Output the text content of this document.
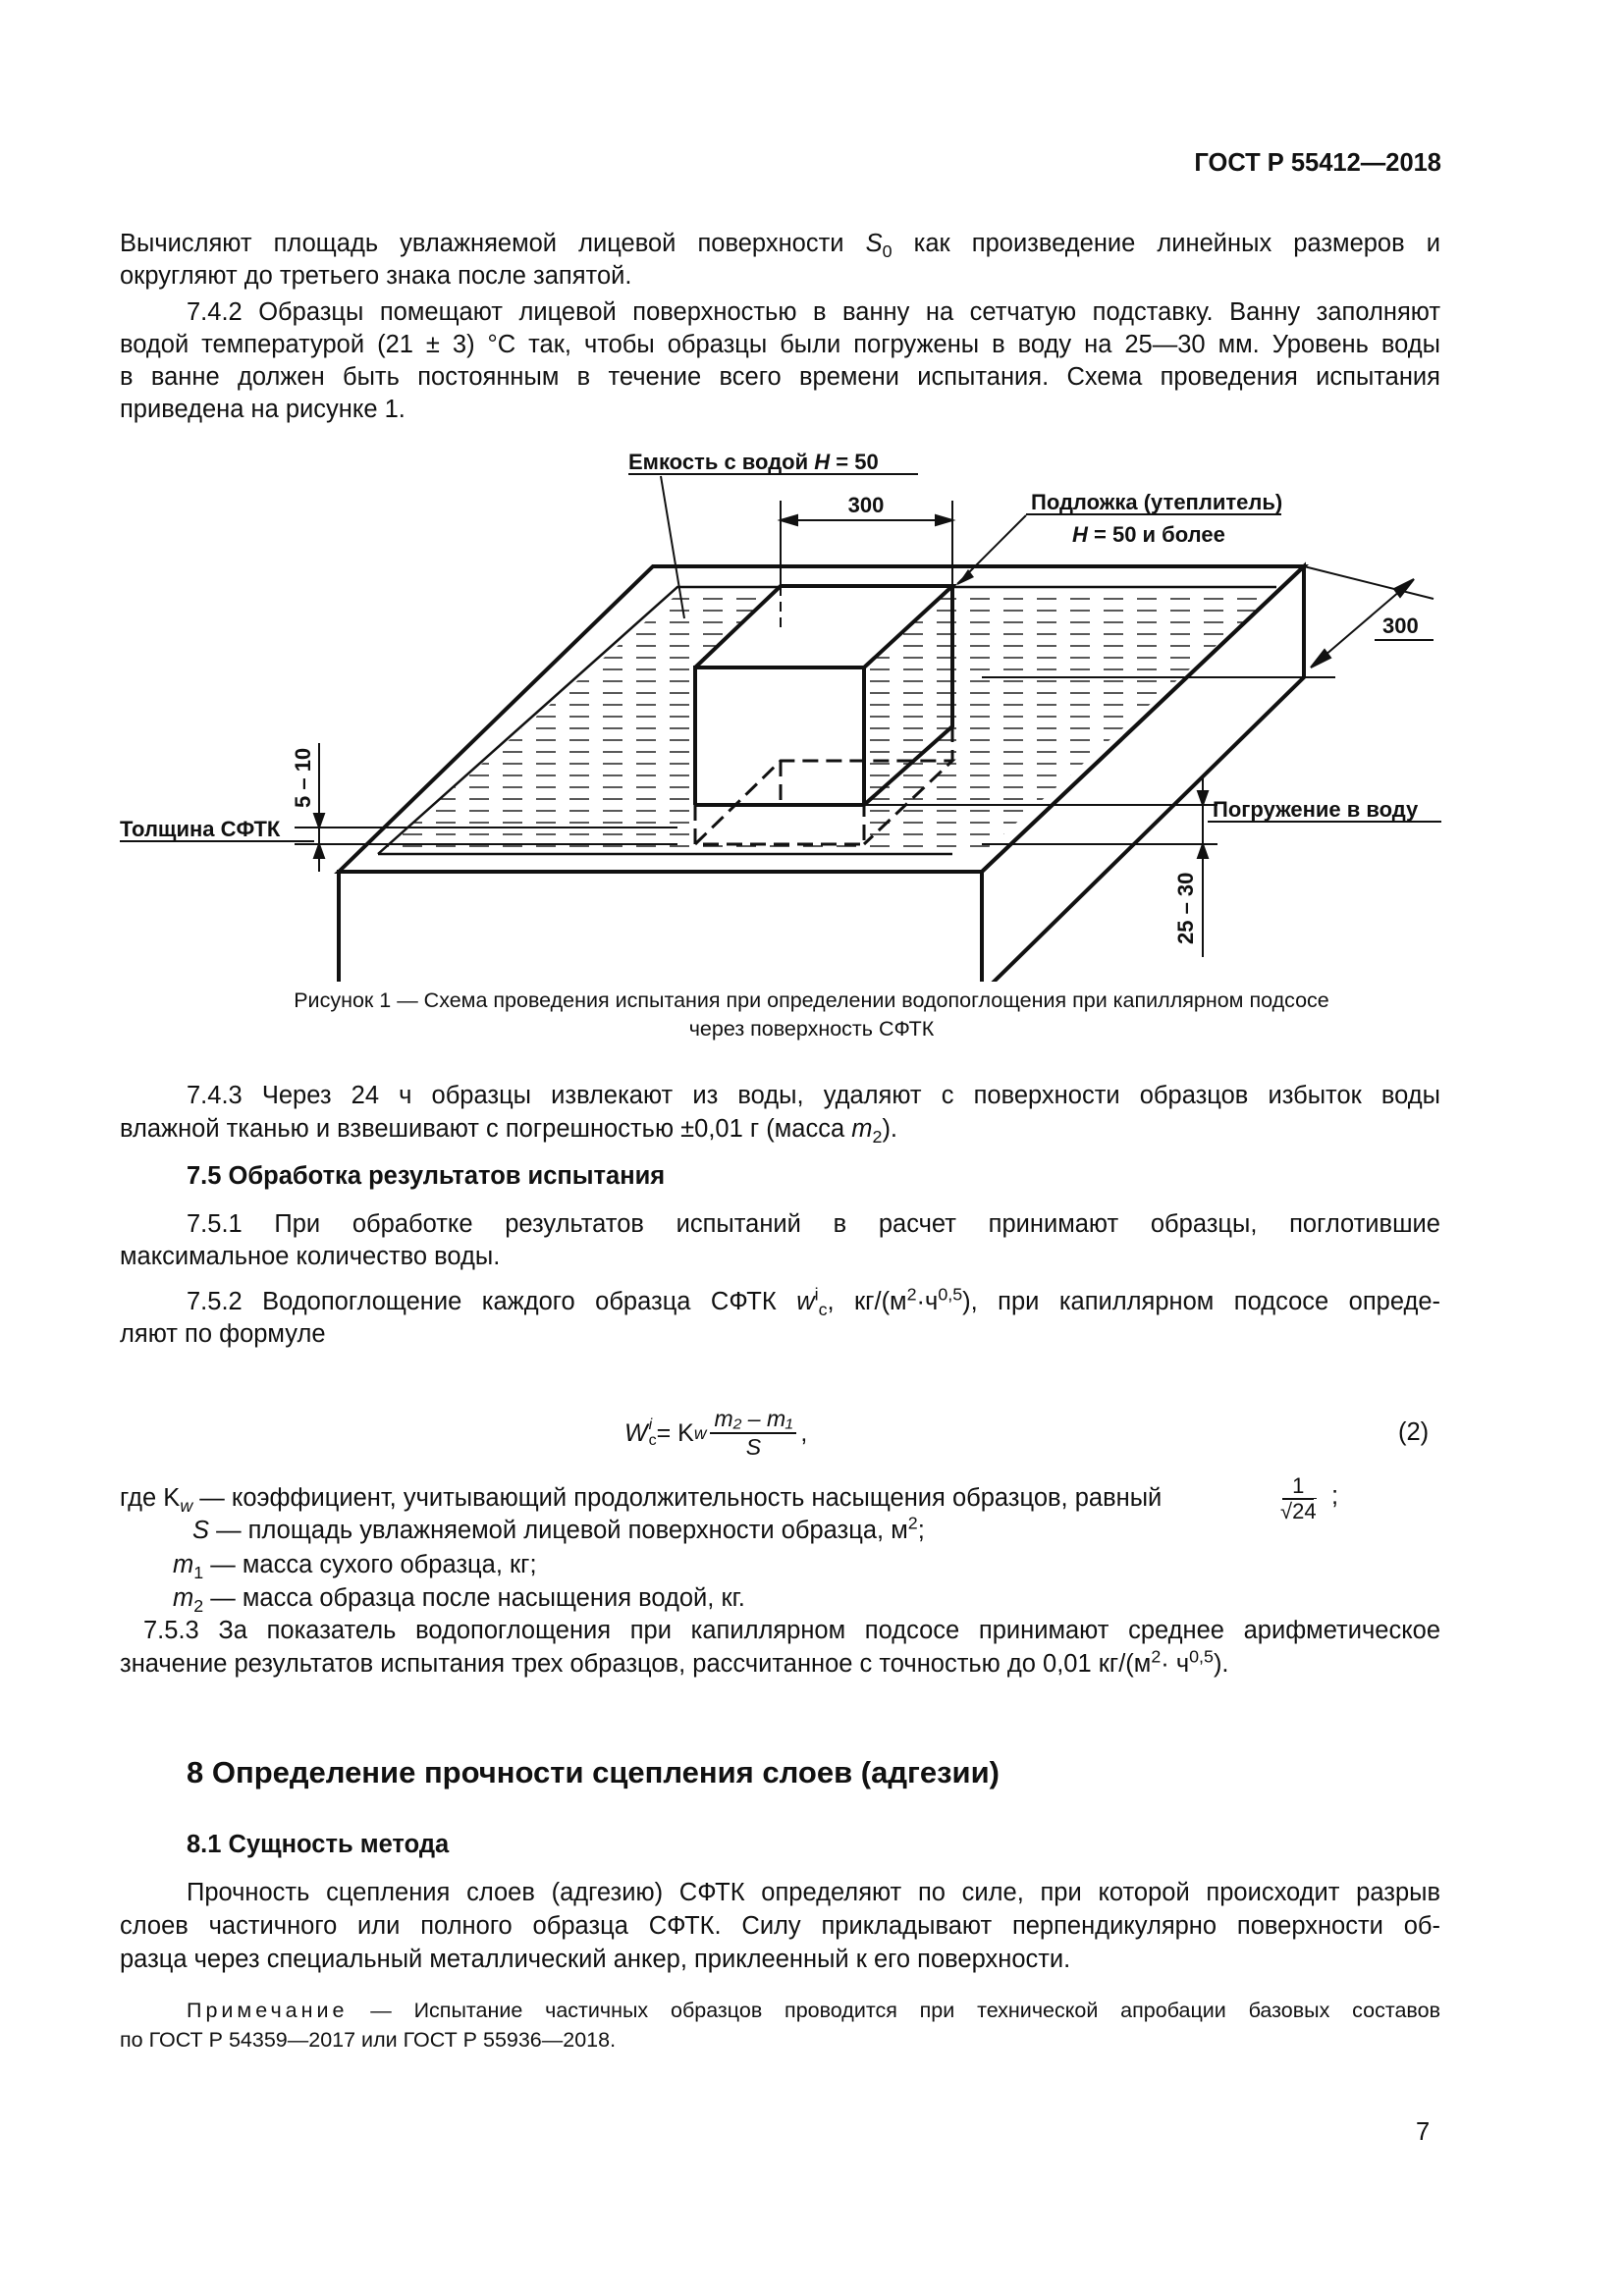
ГОСТ Р 55412—2018
Вычисляют площадь увлажняемой лицевой поверхности $S_0$ как произведение линейных размеров и
округляют до третьего знака после запятой.
7.4.2 Образцы помещают лицевой поверхностью в ванну на сетчатую подставку. Ванну заполняют
водой температурой (21 ± 3) °С так, чтобы образцы были погружены в воду на 25—30 мм. Уровень воды
в ванне должен быть постоянным в течение всего времени испытания. Схема проведения испытания
приведена на рисунке 1.
300
Емкость с водой H = 50
Подложка (утеплитель)
H = 50 и более
300
5 – 10
Толщина СФТК
Погружение в воду
25 – 30
Рисунок 1 — Схема проведения испытания при определении водопоглощения при капиллярном подсосе
через поверхность СФТК
7.4.3 Через 24 ч образцы извлекают из воды, удаляют с поверхности образцов избыток воды
влажной тканью и взвешивают с погрешностью ±0,01 г (масса $m_2$).
7.5 Обработка результатов испытания
7.5.1 При обработке результатов испытаний в расчет принимают образцы, поглотившие
максимальное количество воды.
7.5.2 Водопоглощение каждого образца СФТК $w^i_с$, $кг/(м^2\cdot ч^{0,5})$, при капиллярном подсосе опреде-
ляют по формуле
W i
с = K w $\frac{\text{m₂ – m₁}}{S}$ ,	(2)
где $K_w$ — коэффициент, учитывающий продолжительность насыщения образцов, равный	1
√24
;
S — площадь увлажняемой лицевой поверхности образца, $м^2$;
$m_1$ — масса сухого образца, кг;
$m_2$ — масса образца после насыщения водой, кг.
7.5.3 За показатель водопоглощения при капиллярном подсосе принимают среднее арифметическое
значение результатов испытания трех образцов, рассчитанное с точностью до 0,01 $кг/(м^2\cdot ч^{0,5})$.
8 Определение прочности сцепления слоев (адгезии)
8.1 Сущность метода
Прочность сцепления слоев (адгезию) СФТК определяют по силе, при которой происходит разрыв
слоев частичного или полного образца СФТК. Силу прикладывают перпендикулярно поверхности об-
разца через специальный металлический анкер, приклеенный к его поверхности.
Примечание — Испытание частичных образцов проводится при технической апробации базовых составов
по ГОСТ Р 54359—2017 или ГОСТ Р 55936—2018.
7
